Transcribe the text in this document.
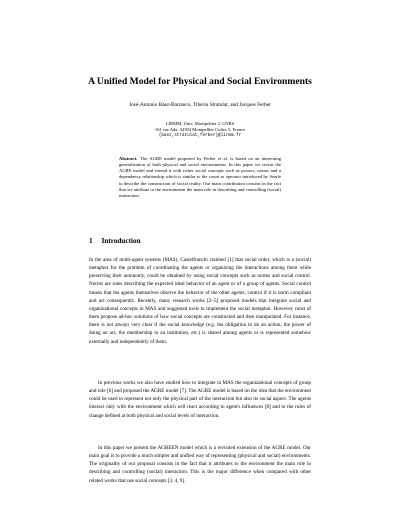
A Unified Model for Physical and Social Environments
José-Antonio Báez-Barranco, Tiberiu Stratulat, and Jacques Ferber
LIRMM, Univ. Montpellier 2, CNRS
161 rue Ada, 34392 Montpellier Cedex 5, France
{baez,stratulat,ferber}@lirmm.fr
Abstract. The AGRE model proposed by Ferber et al. is based on an interesting generalization of both physical and social environments. In this paper we revisit the AGRE model and extend it with richer social concepts such as powers, norms and a dependency relationship which is similar to the count as operator introduced by Searle to describe the construction of social reality. Our main contribution consists in the fact that we attribute to the environment the main role in describing and controlling (social) interaction.
1 Introduction
In the area of multi-agent systems (MAS), Castelfranchi claimed [1] that social order, which is a (social) metaphor for the problem of coordinating the agents or organizing the interactions among them while preserving their autonomy, could be obtained by using social concepts such as norms and social control. Norms are rules describing the expected ideal behavior of an agent or of a group of agents. Social control means that the agents themselves observe the behavior of the other agents, control if it is norm compliant and act consequently. Recently, many research works [2–5] proposed models that integrate social and organizational concepts in MAS and suggested tools to implement the social metaphor. However, most of them propose ad-hoc solutions of how social concepts are constructed and then manipulated. For instance, there is not always very clear if the social knowledge (e.g. the obligation to do an action, the power of doing an act, the membership to an institution, etc.) is shared among agents or is represented somehow externally and independently of them.
In previous works we also have studied how to integrate in MAS the organizational concepts of group and role [6] and proposed the AGRE model [7]. The AGRE model is based on the idea that the environment could be used to represent not only the physical part of the interaction but also its social aspect. The agents interact only with the environment which will react according to agent's influences [8] and to the rules of change defined at both physical and social levels of interaction.
In this paper we present the AGREEN model which is a revisited extension of the AGRE model. Our main goal is to provide a much simpler and unified way of representing (physical and social) environments. The originality of our proposal consists in the fact that it attributes to the environment the main role in describing and controlling (social) interaction. This is the major difference when compared with other related works that use social concepts [3, 4, 9].
